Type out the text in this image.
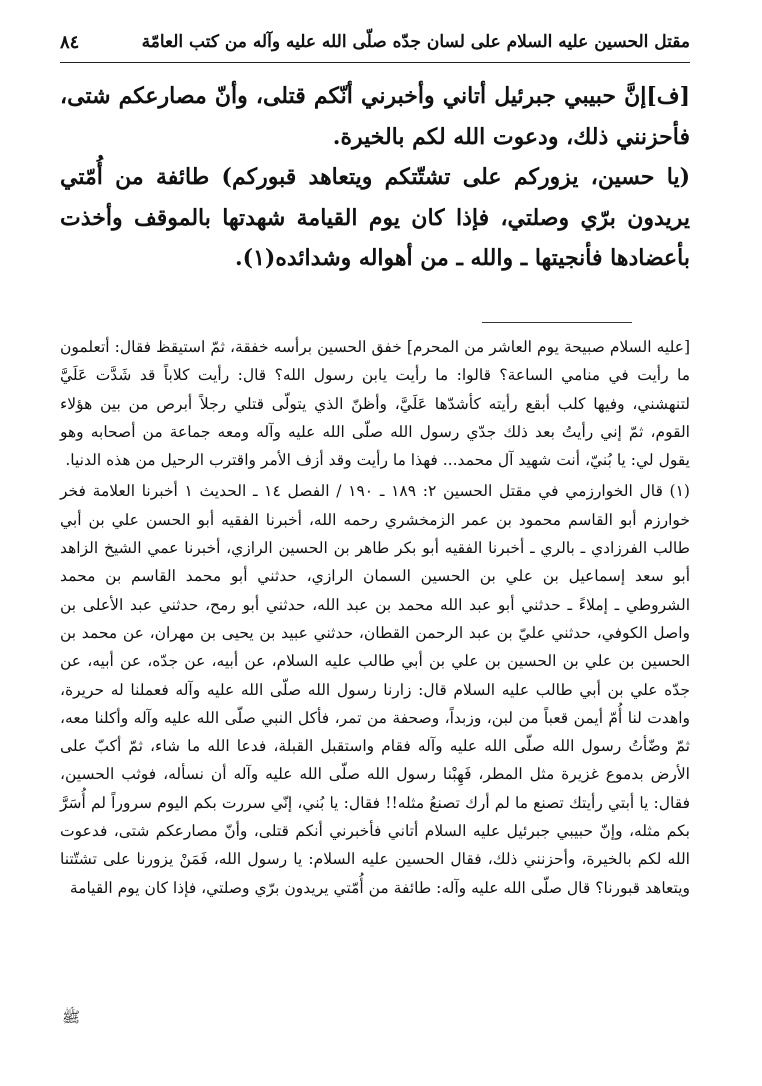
مقتل الحسين عليه السلام على لسان جدّه صلّى الله عليه وآله من كتب العامّة
٨٤

[ف]إنَّ حبيبي جبرئيل أتاني وأخبرني أنّكم قتلى، وأنّ مصارعكم شتى، فأحزنني ذلك، ودعوت الله لكم بالخيرة.

(يا حسين، يزوركم على تشتّتكم ويتعاهد قبوركم) طائفة من أُمّتي يريدون برّي وصلتي، فإذا كان يوم القيامة شهدتها بالموقف وأخذت بأعضادها فأنجيتها ـ والله ـ من أهواله وشدائده(١).

[عليه السلام صبيحة يوم العاشر من المحرم] خفق الحسين برأسه خفقة، ثمّ استيقظ فقال: أتعلمون ما رأيت في منامي الساعة؟ قالوا: ما رأيت يابن رسول الله؟ قال: رأيت كلاباً قد شَدَّت عَلَيَّ لتنهشني، وفيها كلب أبقع رأيته كأشدّها عَلَيَّ، وأظنّ الذي يتولّى قتلي رجلاً أبرص من بين هؤلاء القوم، ثمّ إني رأيتُ بعد ذلك جدّي رسول الله صلّى الله عليه وآله ومعه جماعة من أصحابه وهو يقول لي: يا بُنيّ، أنت شهيد آل محمد... فهذا ما رأيت وقد أزف الأمر واقترب الرحيل من هذه الدنيا.

(١) قال الخوارزمي في مقتل الحسين ٢: ١٨٩ ـ ١٩٠ / الفصل ١٤ ـ الحديث ١ أخبرنا العلامة فخر خوارزم أبو القاسم محمود بن عمر الزمخشري رحمه الله، أخبرنا الفقيه أبو الحسن علي بن أبي طالب الفرزادي ـ بالري ـ أخبرنا الفقيه أبو بكر طاهر بن الحسين الرازي، أخبرنا عمي الشيخ الزاهد أبو سعد إسماعيل بن علي بن الحسين السمان الرازي، حدثني أبو محمد القاسم بن محمد الشروطي ـ إملاءً ـ حدثني أبو عبد الله محمد بن عبد الله، حدثني أبو رمح، حدثني عبد الأعلى بن واصل الكوفي، حدثني عليّ بن عبد الرحمن القطان، حدثني عبيد بن يحيى بن مهران، عن محمد بن الحسين بن علي بن الحسين بن علي بن أبي طالب عليه السلام، عن أبيه، عن جدّه، عن أبيه، عن جدّه علي بن أبي طالب عليه السلام قال: زارنا رسول الله صلّى الله عليه وآله فعملنا له حريرة، واهدت لنا أُمّ أيمن قعباً من لبن، وزبداً، وصحفة من تمر، فأكل النبي صلّى الله عليه وآله وأكلنا معه، ثمّ وضّأتُ رسول الله صلّى الله عليه وآله فقام واستقبل القبلة، فدعا الله ما شاء، ثمّ أكبّ على الأرض بدموع غزيرة مثل المطر، فَهِبْنا رسول الله صلّى الله عليه وآله أن نسأله، فوثب الحسين، فقال: يا أبتي رأيتك تصنع ما لم أرك تصنعُ مثله!! فقال: يا بُني، إنّي سررت بكم اليوم سروراً لم أُسَرَّ بكم مثله، وإنّ حبيبي جبرئيل عليه السلام أتاني فأخبرني أنكم قتلى، وأنّ مصارعكم شتى، فدعوت الله لكم بالخيرة، وأحزنني ذلك، فقال الحسين عليه السلام: يا رسول الله، فَمَنْ يزورنا على تشتّتنا ويتعاهد قبورنا؟ قال صلّى الله عليه وآله: طائفة من أُمّتي يريدون برّي وصلتي، فإذا كان يوم القيامة

ﷺ
